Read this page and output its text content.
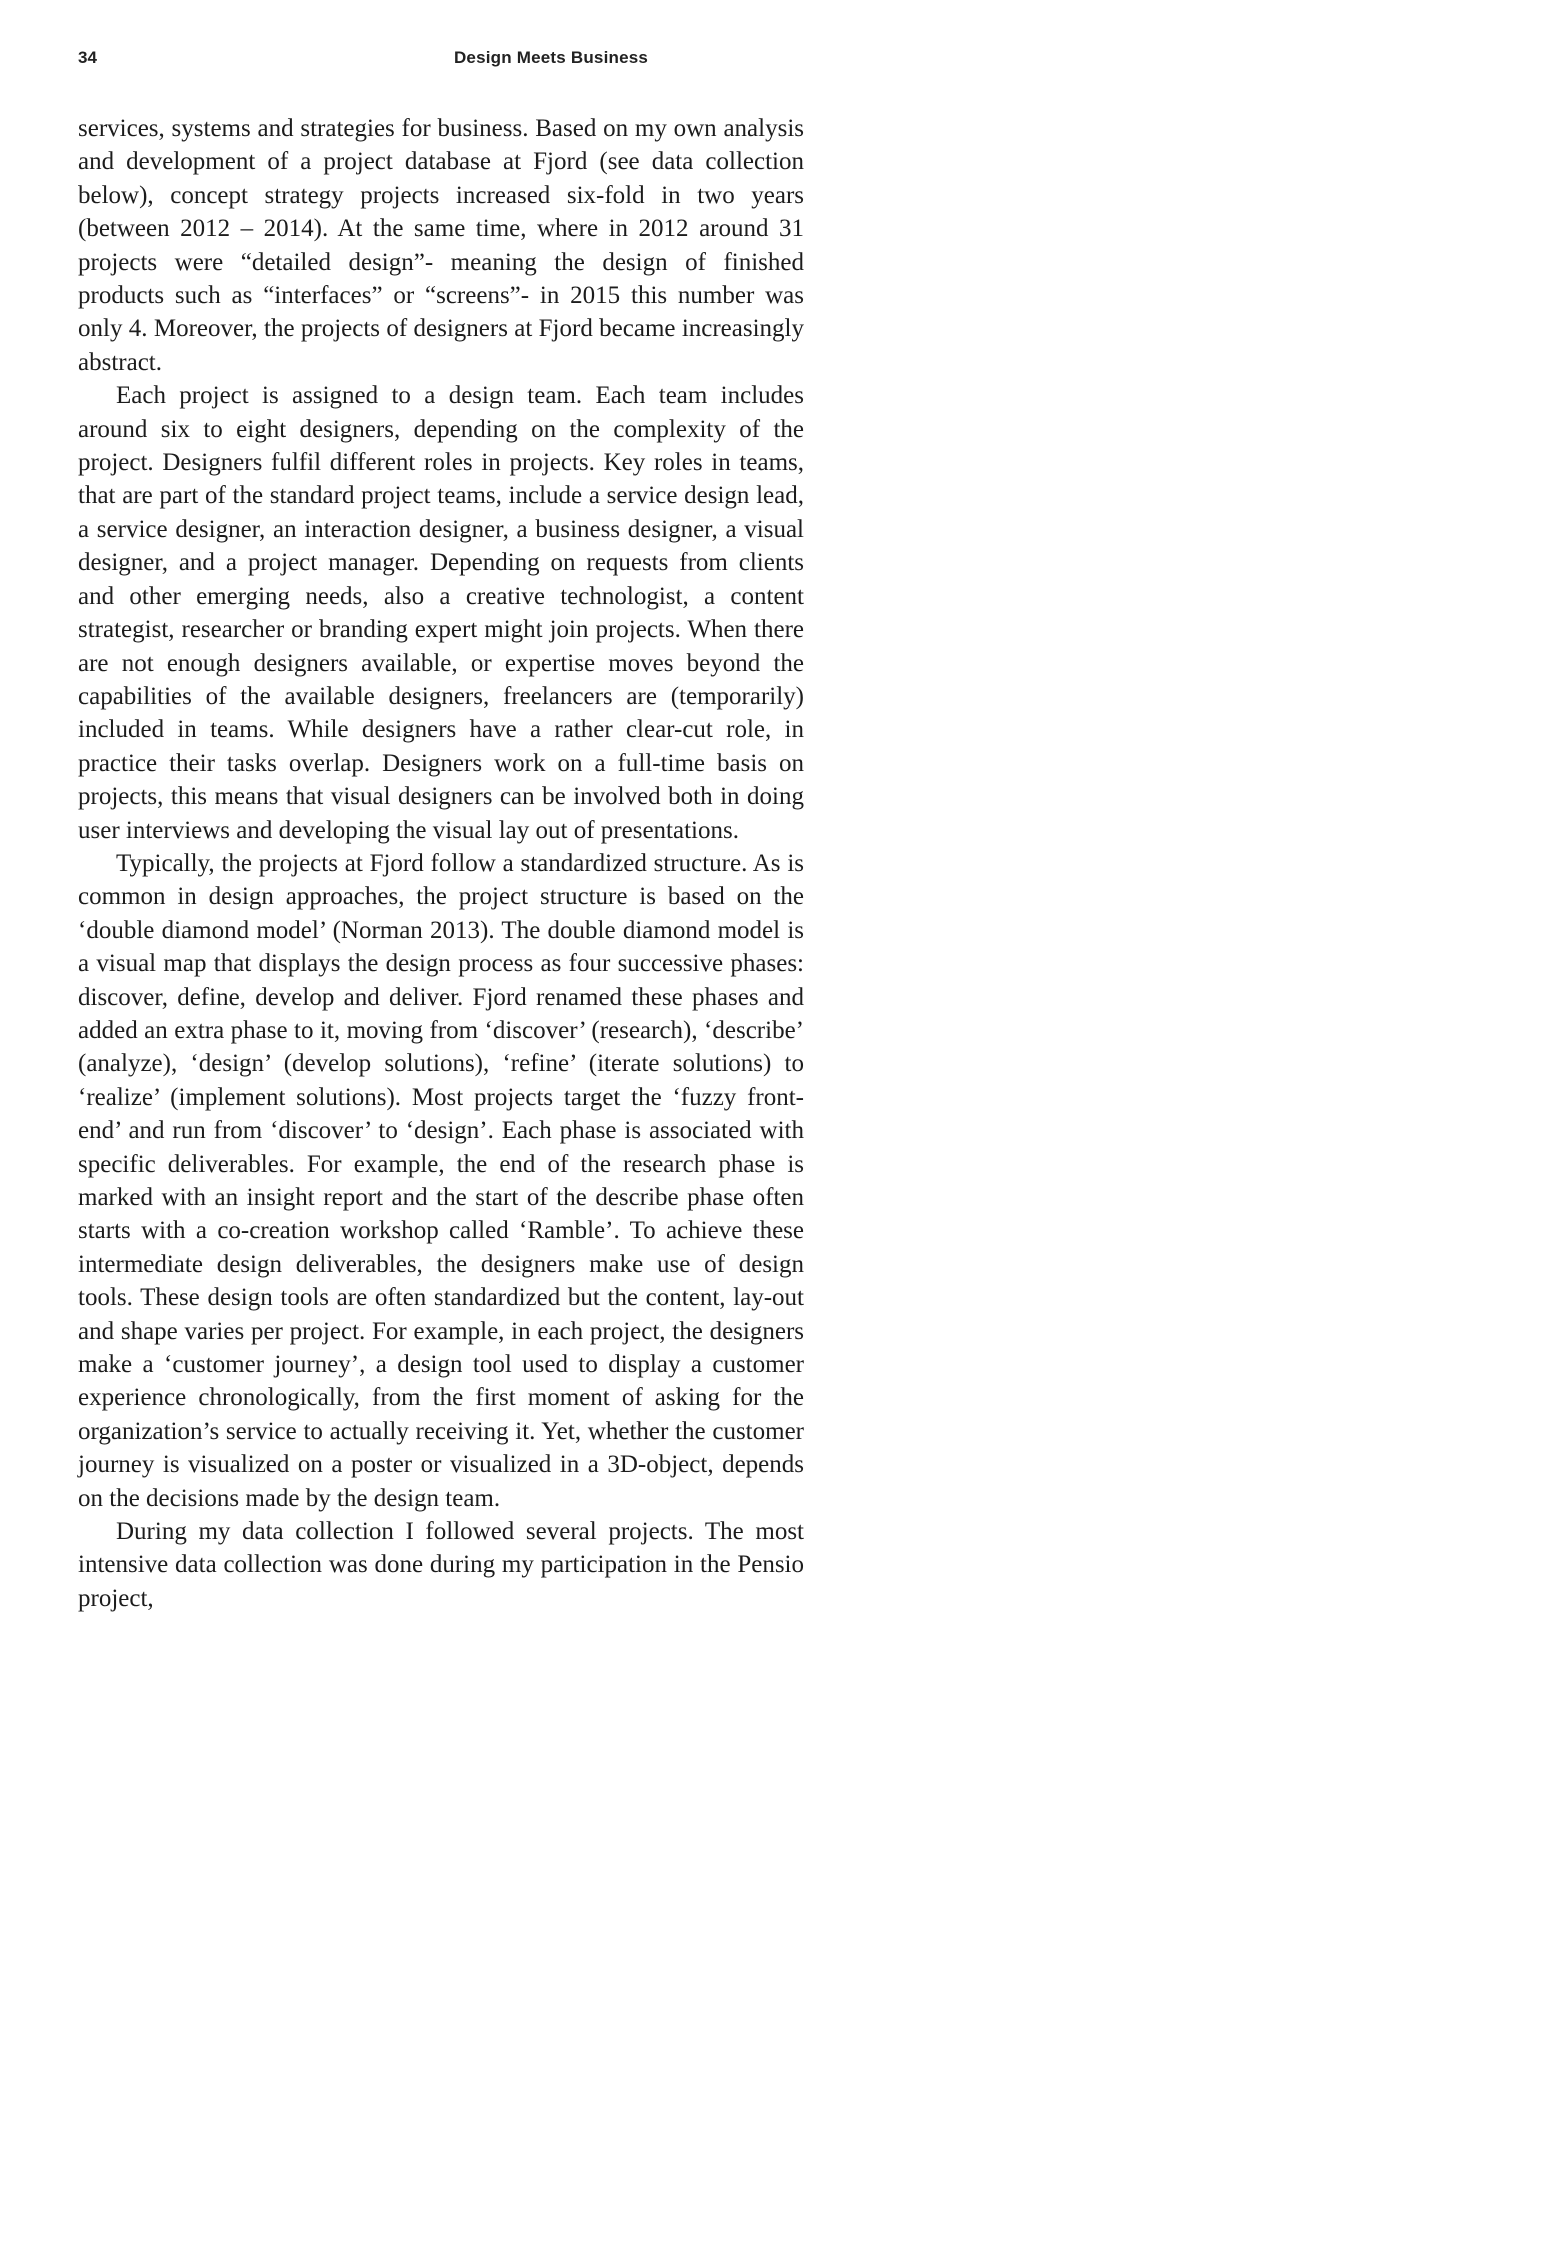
34	Design Meets Business

services, systems and strategies for business. Based on my own analysis and development of a project database at Fjord (see data collection below), concept strategy projects increased six-fold in two years (between 2012 – 2014). At the same time, where in 2012 around 31 projects were “detailed design”- meaning the design of finished products such as “interfaces” or “screens”- in 2015 this number was only 4. Moreover, the projects of designers at Fjord became increasingly abstract.

Each project is assigned to a design team. Each team includes around six to eight designers, depending on the complexity of the project. Designers fulfil different roles in projects. Key roles in teams, that are part of the standard project teams, include a service design lead, a service designer, an interaction designer, a business designer, a visual designer, and a project manager. Depending on requests from clients and other emerging needs, also a creative technologist, a content strategist, researcher or branding expert might join projects. When there are not enough designers available, or expertise moves beyond the capabilities of the available designers, freelancers are (temporarily) included in teams. While designers have a rather clear-cut role, in practice their tasks overlap. Designers work on a full-time basis on projects, this means that visual designers can be involved both in doing user interviews and developing the visual lay out of presentations.

Typically, the projects at Fjord follow a standardized structure. As is common in design approaches, the project structure is based on the ‘double diamond model’ (Norman 2013). The double diamond model is a visual map that displays the design process as four successive phases: discover, define, develop and deliver. Fjord renamed these phases and added an extra phase to it, moving from ‘discover’ (research), ‘describe’ (analyze), ‘design’ (develop solutions), ‘refine’ (iterate solutions) to ‘realize’ (implement solutions). Most projects target the ‘fuzzy front-end’ and run from ‘discover’ to ‘design’. Each phase is associated with specific deliverables. For example, the end of the research phase is marked with an insight report and the start of the describe phase often starts with a co-creation workshop called ‘Ramble’. To achieve these intermediate design deliverables, the designers make use of design tools. These design tools are often standardized but the content, lay-out and shape varies per project. For example, in each project, the designers make a ‘customer journey’, a design tool used to display a customer experience chronologically, from the first moment of asking for the organization’s service to actually receiving it. Yet, whether the customer journey is visualized on a poster or visualized in a 3D-object, depends on the decisions made by the design team.

During my data collection I followed several projects. The most intensive data collection was done during my participation in the Pensio project,
